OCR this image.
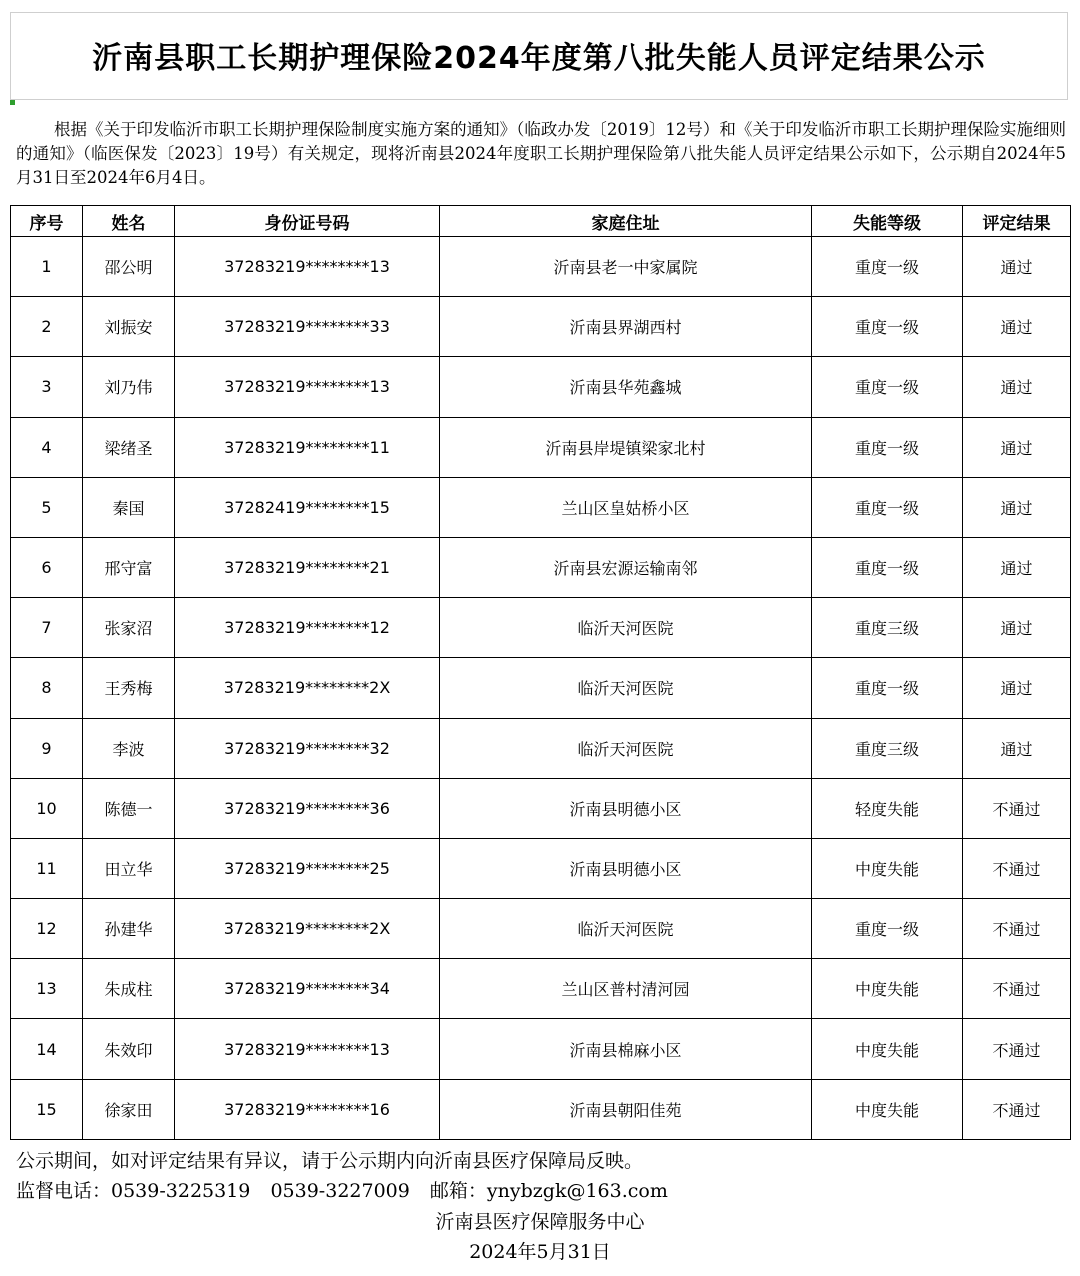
沂南县职工长期护理保险2024年度第八批失能人员评定结果公示
根据《关于印发临沂市职工长期护理保险制度实施方案的通知》（临政办发〔2019〕12号）和《关于印发临沂市职工长期护理保险实施细则的通知》（临医保发〔2023〕19号）有关规定，现将沂南县2024年度职工长期护理保险第八批失能人员评定结果公示如下，公示期自2024年5月31日至2024年6月4日。
序号	姓名	身份证号码	家庭住址	失能等级	评定结果
1	邵公明	37283219********13	沂南县老一中家属院	重度一级	通过
2	刘振安	37283219********33	沂南县界湖西村	重度一级	通过
3	刘乃伟	37283219********13	沂南县华苑鑫城	重度一级	通过
4	梁绪圣	37283219********11	沂南县岸堤镇梁家北村	重度一级	通过
5	秦国	37282419********15	兰山区皇姑桥小区	重度一级	通过
6	邢守富	37283219********21	沂南县宏源运输南邻	重度一级	通过
7	张家沼	37283219********12	临沂天河医院	重度三级	通过
8	王秀梅	37283219********2X	临沂天河医院	重度一级	通过
9	李波	37283219********32	临沂天河医院	重度三级	通过
10	陈德一	37283219********36	沂南县明德小区	轻度失能	不通过
11	田立华	37283219********25	沂南县明德小区	中度失能	不通过
12	孙建华	37283219********2X	临沂天河医院	重度一级	不通过
13	朱成柱	37283219********34	兰山区普村清河园	中度失能	不通过
14	朱效印	37283219********13	沂南县棉麻小区	中度失能	不通过
15	徐家田	37283219********16	沂南县朝阳佳苑	中度失能	不通过
公示期间，如对评定结果有异议，请于公示期内向沂南县医疗保障局反映。
监督电话：0539-3225319 0539-3227009 邮箱：ynybzgk@163.com
沂南县医疗保障服务中心
2024年5月31日
